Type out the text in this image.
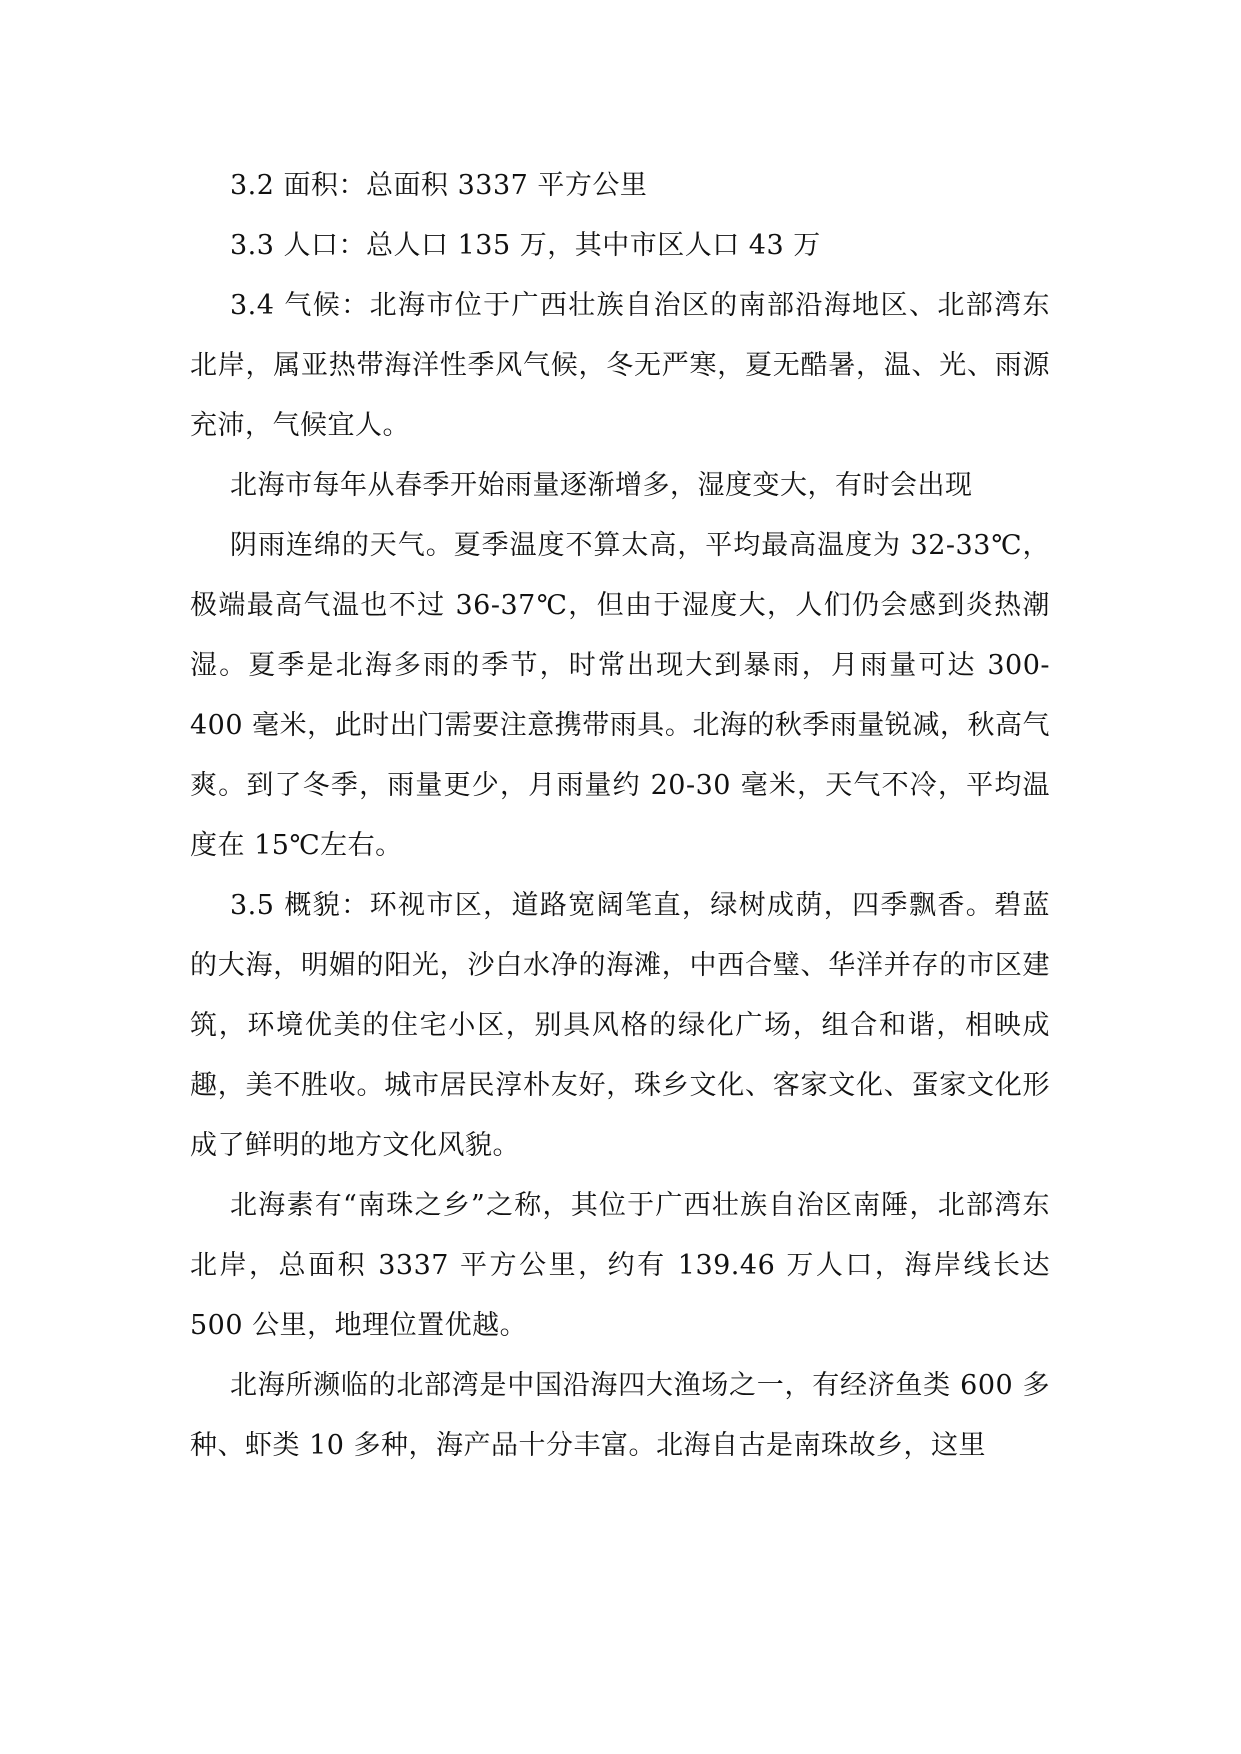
3.2 面积：总面积 3337 平方公里

3.3 人口：总人口 135 万，其中市区人口 43 万

3.4 气候：北海市位于广西壮族自治区的南部沿海地区、北部湾东北岸，属亚热带海洋性季风气候，冬无严寒，夏无酷暑，温、光、雨源充沛，气候宜人。

北海市每年从春季开始雨量逐渐增多，湿度变大，有时会出现

阴雨连绵的天气。夏季温度不算太高，平均最高温度为 32-33℃，极端最高气温也不过 36-37℃，但由于湿度大，人们仍会感到炎热潮湿。夏季是北海多雨的季节，时常出现大到暴雨，月雨量可达 300-400 毫米，此时出门需要注意携带雨具。北海的秋季雨量锐减，秋高气爽。到了冬季，雨量更少，月雨量约 20-30 毫米，天气不冷，平均温度在 15℃左右。

3.5 概貌：环视市区，道路宽阔笔直，绿树成荫，四季飘香。碧蓝的大海，明媚的阳光，沙白水净的海滩，中西合璧、华洋并存的市区建筑，环境优美的住宅小区，别具风格的绿化广场，组合和谐，相映成趣，美不胜收。城市居民淳朴友好，珠乡文化、客家文化、蛋家文化形成了鲜明的地方文化风貌。

北海素有“南珠之乡”之称，其位于广西壮族自治区南陲，北部湾东北岸，总面积 3337 平方公里，约有 139.46 万人口，海岸线长达 500 公里，地理位置优越。

北海所濒临的北部湾是中国沿海四大渔场之一，有经济鱼类 600 多种、虾类 10 多种，海产品十分丰富。北海自古是南珠故乡，这里
